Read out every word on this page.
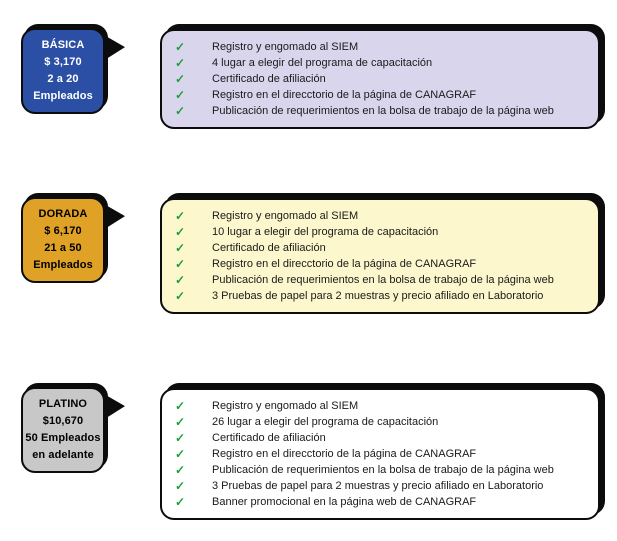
BÁSICA
$ 3,170
2 a 20
Empleados
✓	Registro y engomado al SIEM
✓	4 lugar a elegir del programa de capacitación
✓	Certificado de afiliación
✓	Registro en el direcctorio de la página de CANAGRAF
✓	Publicación de requerimientos en la bolsa de trabajo de la página web
DORADA
$ 6,170
21 a 50
Empleados
✓	Registro y engomado al SIEM
✓	10 lugar a elegir del programa de capacitación
✓	Certificado de afiliación
✓	Registro en el direcctorio de la página de CANAGRAF
✓	Publicación de requerimientos en la bolsa de trabajo de la página web
✓	3 Pruebas de papel para 2 muestras y precio afiliado en Laboratorio
PLATINO
$10,670
50 Empleados
en adelante
✓	Registro y engomado al SIEM
✓	26 lugar a elegir del programa de capacitación
✓	Certificado de afiliación
✓	Registro en el direcctorio de la página de CANAGRAF
✓	Publicación de requerimientos en la bolsa de trabajo de la página web
✓	3 Pruebas de papel para 2 muestras y precio afiliado en Laboratorio
✓	Banner promocional en la página web de CANAGRAF
